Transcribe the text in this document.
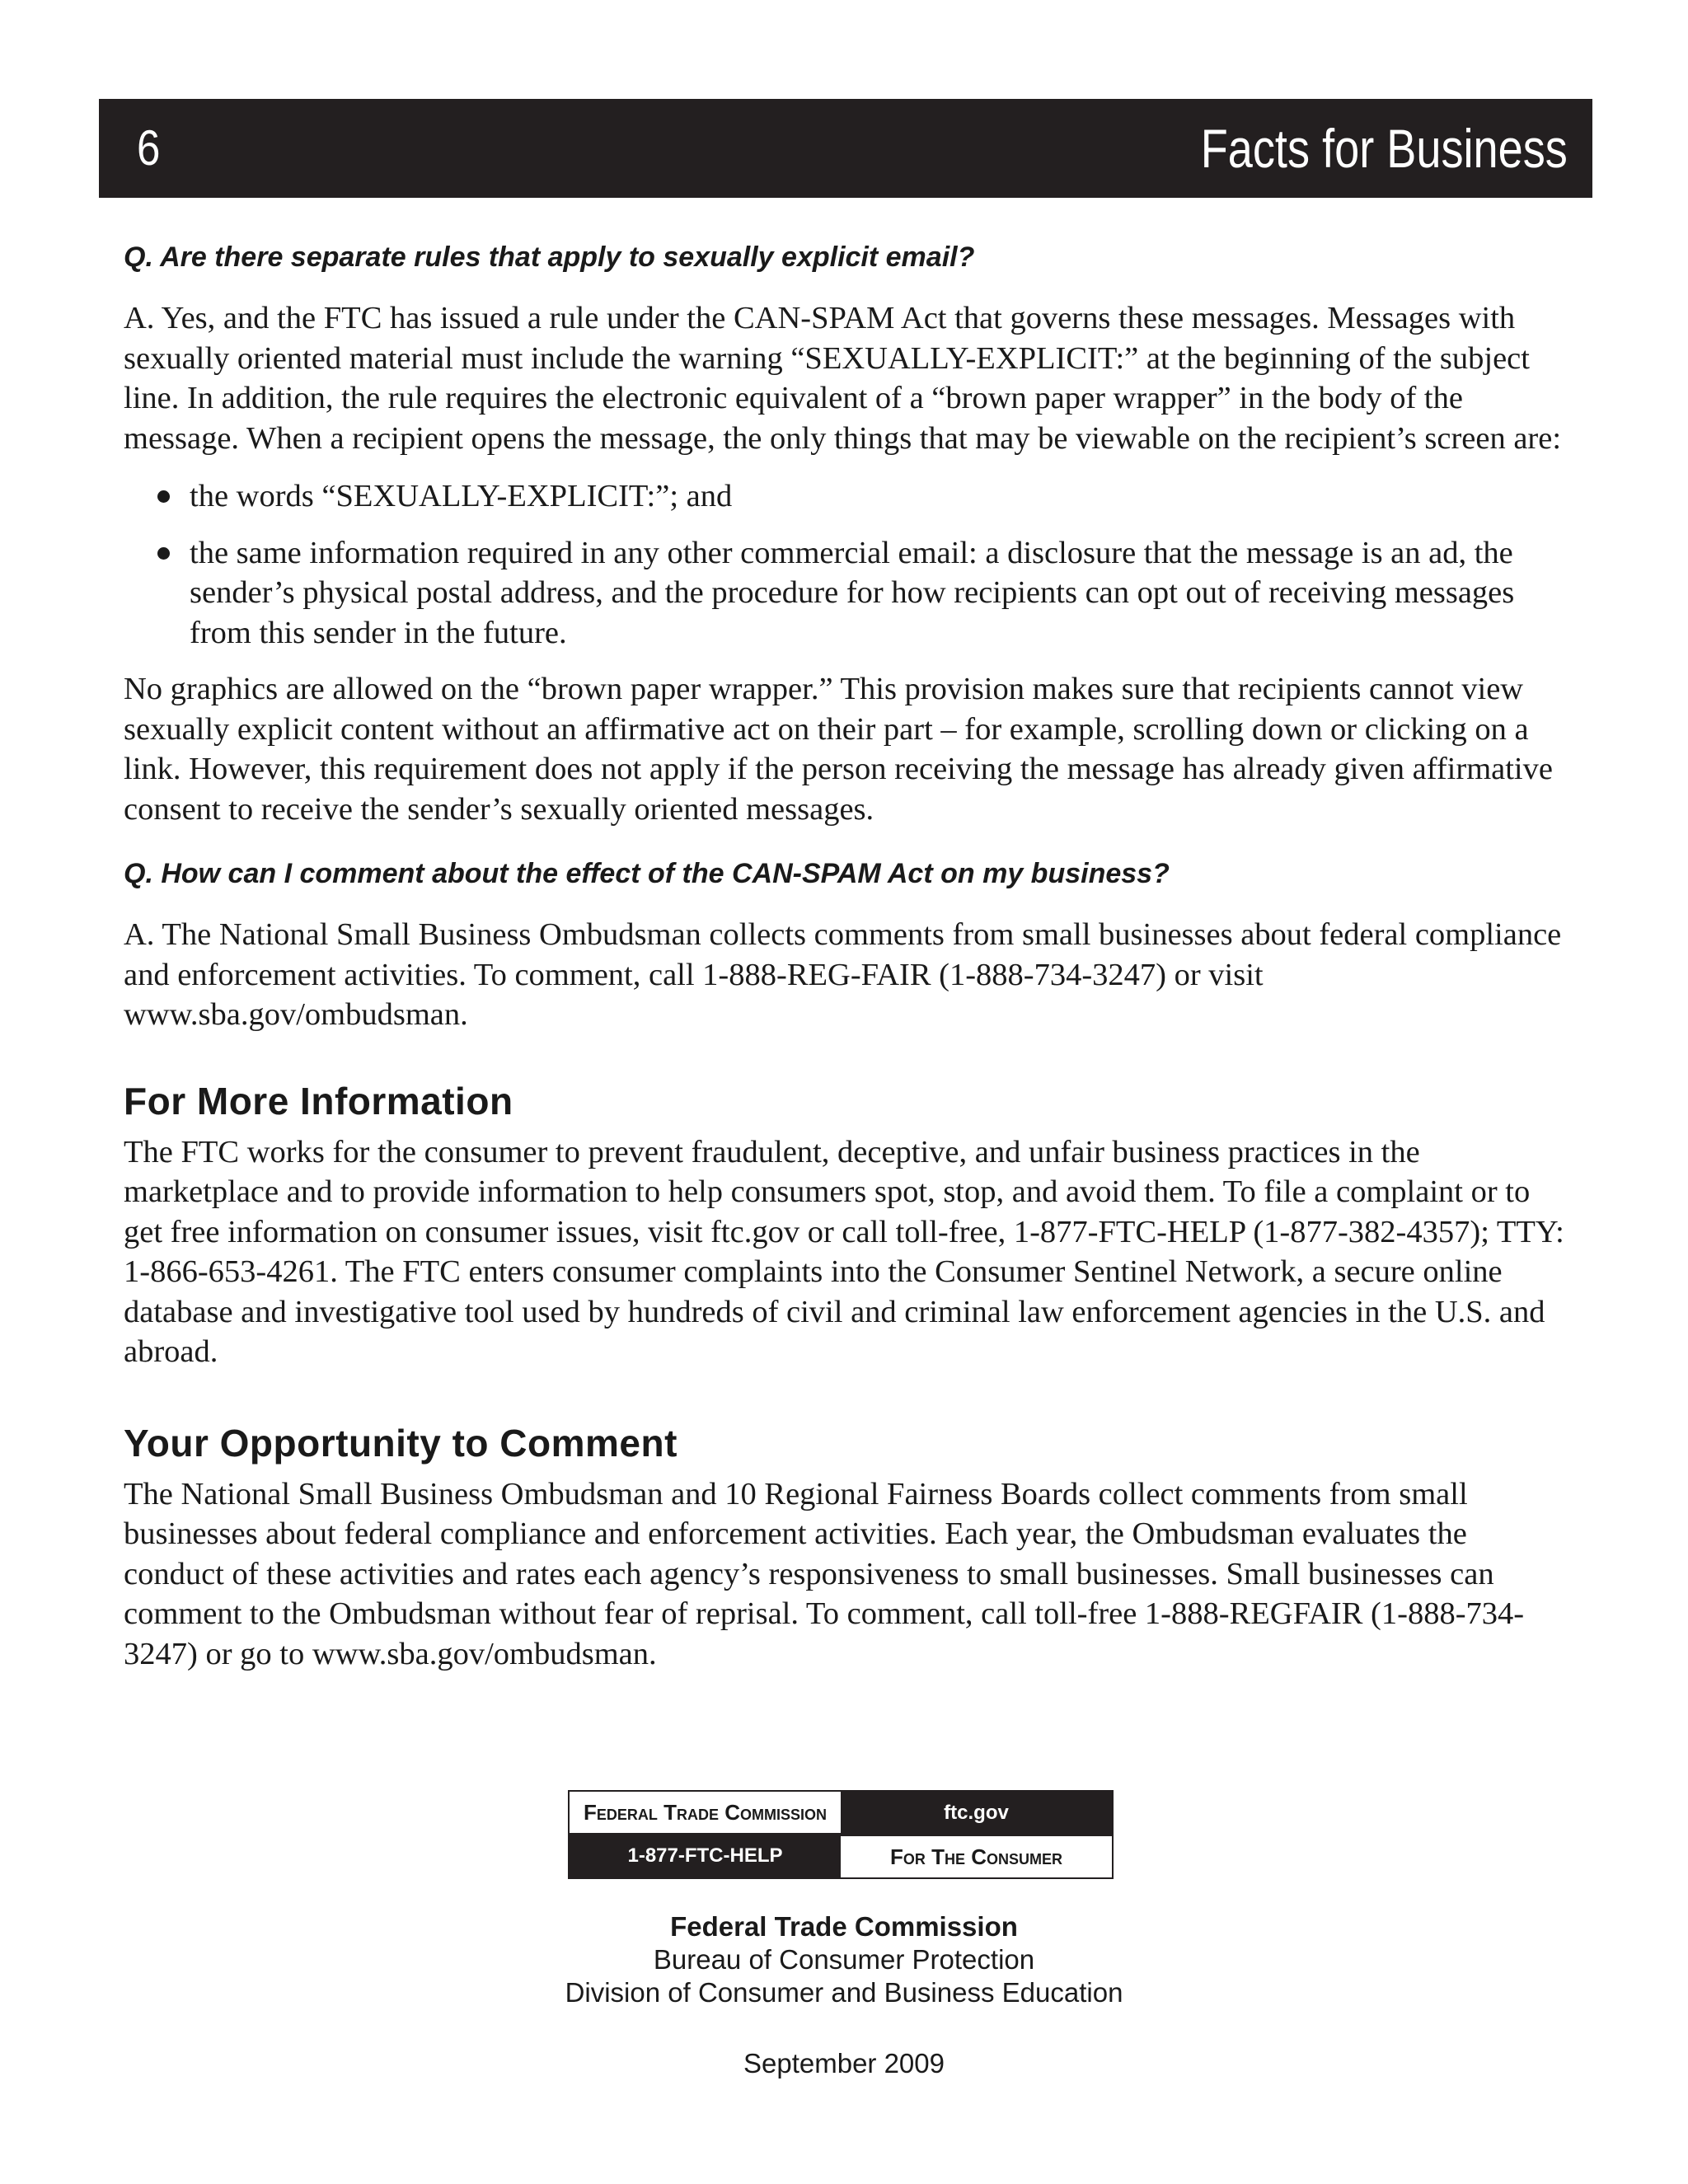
6	Facts for Business

Q. Are there separate rules that apply to sexually explicit email?

A. Yes, and the FTC has issued a rule under the CAN-SPAM Act that governs these messages. Messages with sexually oriented material must include the warning “SEXUALLY-EXPLICIT:” at the beginning of the subject line. In addition, the rule requires the electronic equivalent of a “brown paper wrapper” in the body of the message. When a recipient opens the message, the only things that may be viewable on the recipient’s screen are:

the words “SEXUALLY-EXPLICIT:”; and
the same information required in any other commercial email: a disclosure that the message is an ad, the sender’s physical postal address, and the procedure for how recipients can opt out of receiving messages from this sender in the future.

No graphics are allowed on the “brown paper wrapper.” This provision makes sure that recipients cannot view sexually explicit content without an affirmative act on their part – for example, scrolling down or clicking on a link. However, this requirement does not apply if the person receiving the message has already given affirmative consent to receive the sender’s sexually oriented messages.

Q. How can I comment about the effect of the CAN-SPAM Act on my business?

A. The National Small Business Ombudsman collects comments from small businesses about federal compliance and enforcement activities. To comment, call 1-888-REG-FAIR (1-888-734-3247) or visit www.sba.gov/ombudsman.

For More Information

The FTC works for the consumer to prevent fraudulent, deceptive, and unfair business practices in the marketplace and to provide information to help consumers spot, stop, and avoid them. To file a complaint or to get free information on consumer issues, visit ftc.gov or call toll-free, 1-877-FTC-HELP (1-877-382-4357); TTY: 1-866-653-4261. The FTC enters consumer complaints into the Consumer Sentinel Network, a secure online database and investigative tool used by hundreds of civil and criminal law enforcement agencies in the U.S. and abroad.

Your Opportunity to Comment

The National Small Business Ombudsman and 10 Regional Fairness Boards collect comments from small businesses about federal compliance and enforcement activities. Each year, the Ombudsman evaluates the conduct of these activities and rates each agency’s responsiveness to small businesses. Small businesses can comment to the Ombudsman without fear of reprisal. To comment, call toll-free 1-888-REGFAIR (1-888-734-3247) or go to www.sba.gov/ombudsman.

Federal Trade Commission	ftc.gov
1-877-FTC-HELP	For The Consumer
Federal Trade Commission
Bureau of Consumer Protection
Division of Consumer and Business Education
September 2009
